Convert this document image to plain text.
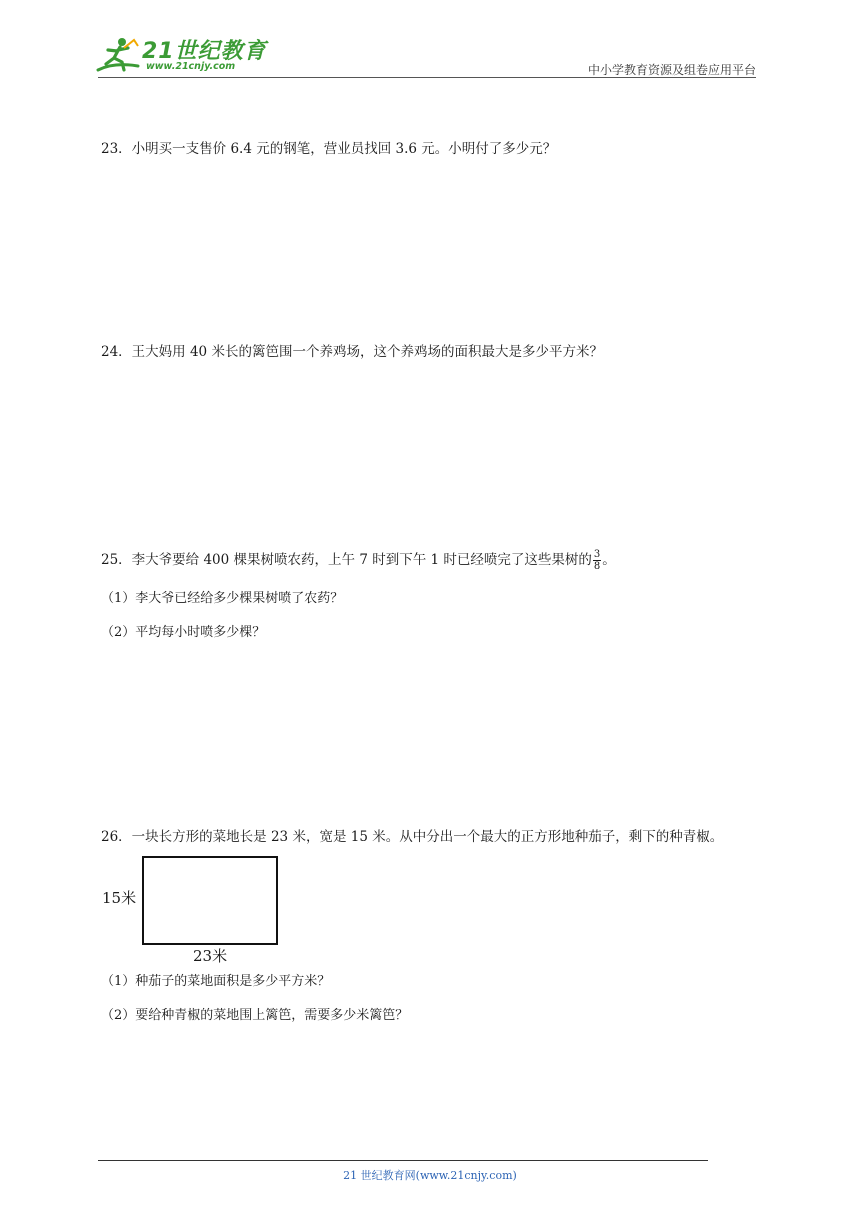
21世纪教育
www.21cnjy.com	中小学教育资源及组卷应用平台
23．小明买一支售价 6.4 元的钢笔，营业员找回 3.6 元。小明付了多少元？
24．王大妈用 40 米长的篱笆围一个养鸡场，这个养鸡场的面积最大是多少平方米？
25．李大爷要给 400 棵果树喷农药，上午 7 时到下午 1 时已经喷完了这些果树的 $\frac{3}{8}$ 。
（1）李大爷已经给多少棵果树喷了农药？
（2）平均每小时喷多少棵？
26．一块长方形的菜地长是 23 米，宽是 15 米。从中分出一个最大的正方形地种茄子，剩下的种青椒。
15米
23米
（1）种茄子的菜地面积是多少平方米？
（2）要给种青椒的菜地围上篱笆，需要多少米篱笆？
21 世纪教育网(www.21cnjy.com)
